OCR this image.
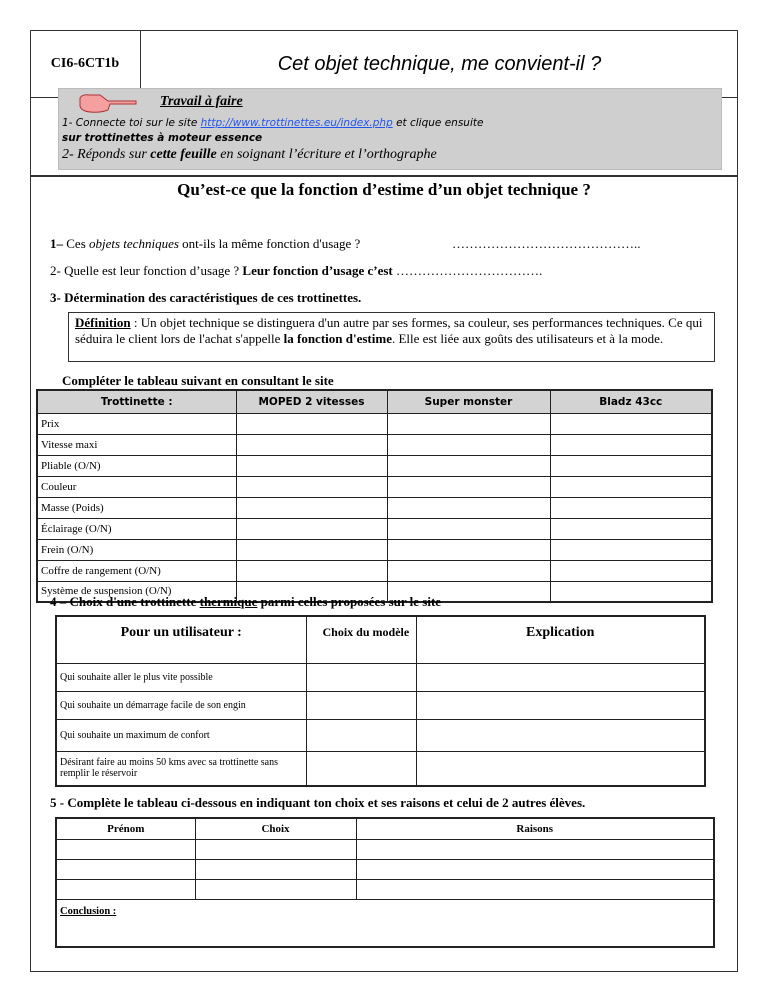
CI6-6CT1b	Cet objet technique, me convient-il ?
Travail à faire
1- Connecte toi sur le site http://www.trottinettes.eu/index.php et clique ensuite
sur trottinettes à moteur essence
2- Réponds sur cette feuille en soignant l’écriture et l’orthographe
Qu’est-ce que la fonction d’estime d’un objet technique ?
1– Ces objets techniques ont-ils la même fonction d'usage ?	……………………………………..
2- Quelle est leur fonction d’usage ? Leur fonction d’usage c’est …………………………….
3- Détermination des caractéristiques de ces trottinettes.
Définition : Un objet technique se distinguera d'un autre par ses formes, sa couleur, ses performances techniques. Ce qui séduira le client lors de l'achat s'appelle la fonction d'estime. Elle est liée aux goûts des utilisateurs et à la mode.
Compléter le tableau suivant en consultant le site
Trottinette :	MOPED 2 vitesses	Super monster	Bladz 43cc
Prix			
Vitesse maxi			
Pliable (O/N)			
Couleur			
Masse (Poids)			
Éclairage (O/N)			
Frein (O/N)			
Coffre de rangement (O/N)			
Système de suspension (O/N)			
4 – Choix d'une trottinette thermique parmi celles proposées sur le site
Pour un utilisateur :	Choix du modèle	Explication
Qui souhaite aller le plus vite possible		
Qui souhaite un démarrage facile de son engin		
Qui souhaite un maximum de confort		
Désirant faire au moins 50 kms avec sa trottinette sans remplir le réservoir		
5 - Complète le tableau ci-dessous en indiquant ton choix et ses raisons et celui de 2 autres élèves.
Prénom	Choix	Raisons

Conclusion :		
